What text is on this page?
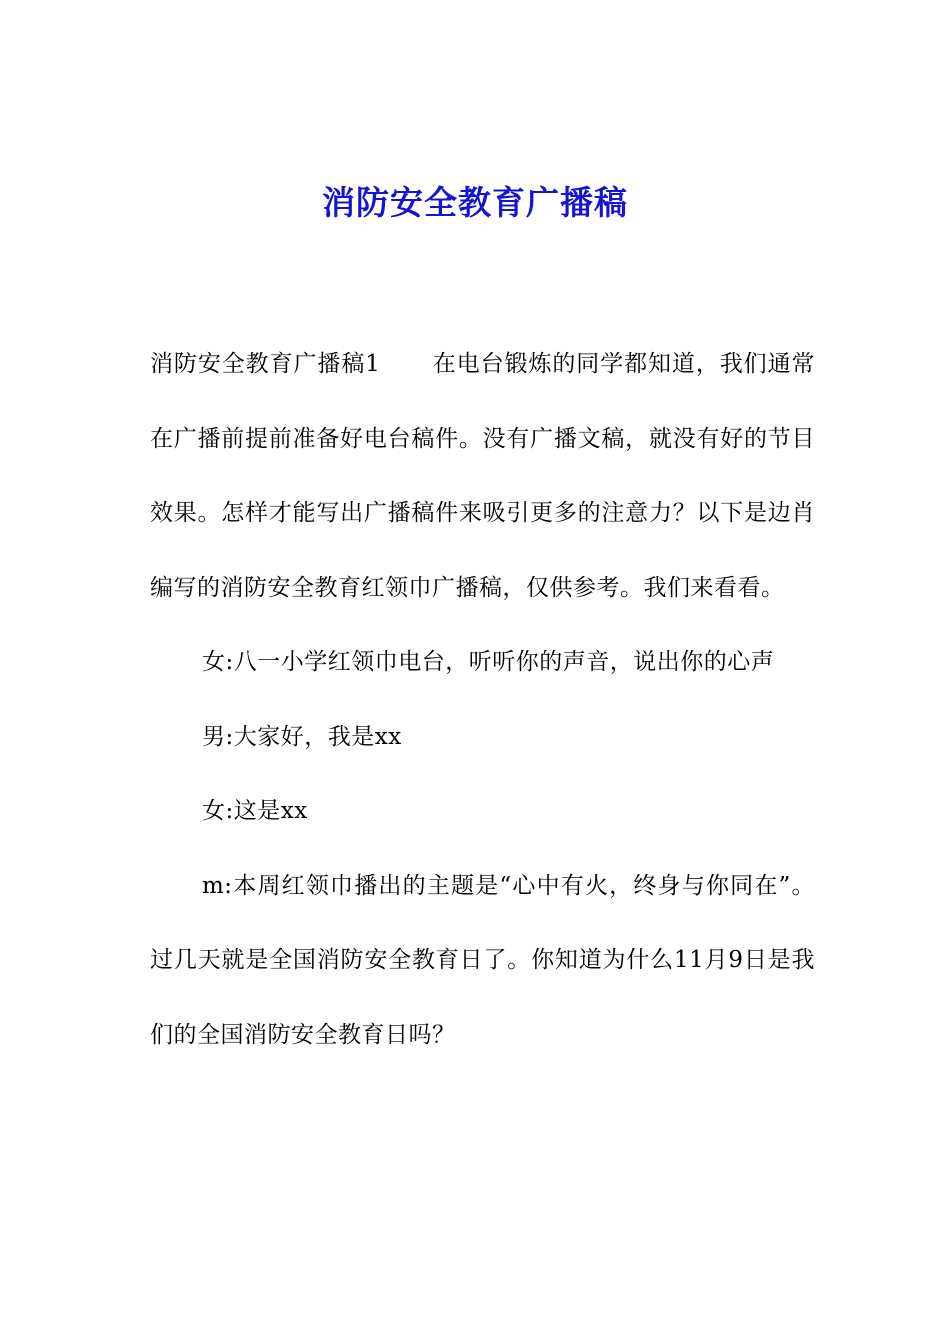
消防安全教育广播稿

消防安全教育广播稿1 在电台锻炼的同学都知道，我们通常在广播前提前准备好电台稿件。没有广播文稿，就没有好的节目效果。怎样才能写出广播稿件来吸引更多的注意力？以下是边肖编写的消防安全教育红领巾广播稿，仅供参考。我们来看看。

女:八一小学红领巾电台，听听你的声音，说出你的心声

男:大家好，我是xx

女:这是xx

m:本周红领巾播出的主题是“心中有火，终身与你同在”。过几天就是全国消防安全教育日了。你知道为什么11月9日是我们的全国消防安全教育日吗？
